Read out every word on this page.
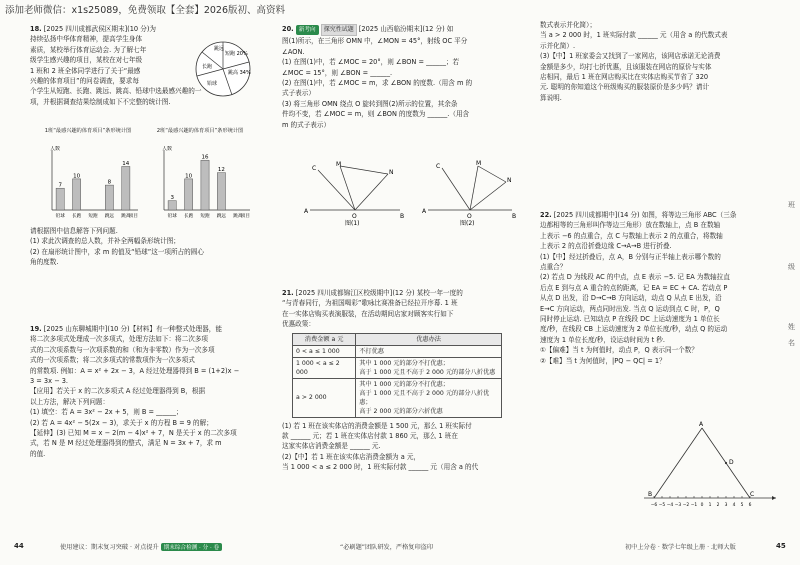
添加老师微信：x1s25089，免费领取【全套】2026版初、高资料

18. [2025 四川成都武侯区期末](10 分)为

持续弘扬中华体育精神，提高学生身体

素质，某校举行体育运动会. 为了解七年

级学生感兴趣的项目，某校在对七年级

1 班和 2 班全体同学进行了关于“最感

兴趣的体育项目”的问卷调查，要求每

个学生从短跑、长跑、跳远、跳高、铅球中选最感兴趣的一

项，并根据调查结果绘制成如下不完整的统计图.

跳远
短跑 20%
跳高 34%
长跑
铅球
1班“最感兴趣的体育项目”条形统计图	2班“最感兴趣的体育项目”条形统计图
人数
7
铅球
10
长跑 短跑
8
跳远
14
跳高
项目
人数
3
铅球
10
长跑
16
短跑
12
跳远 跳高
项目

请根据图中信息解答下列问题.

(1) 求此次调查的总人数，并补全两幅条形统计图；

(2) 在扇形统计图中，求 m 的值及“铅球”这一项所占的圆心

角的度数.

19. [2025 山东聊城期中](10 分)【材料】有一种整式处理器，能

将二次多项式处理成一次多项式，处理方法如下：将二次多项

式的二次项系数与一次项系数的和（和为非零数）作为一次多项

式的一次项系数；将二次多项式的常数项作为一次多项式

的常数项. 例如：A = x² + 2x − 3，A 经过处理器得到 B = (1+2)x −

3 = 3x − 3.

【应用】若关于 x 的二次多项式 A 经过处理器得到 B，根据

以上方法，解决下列问题：

(1) 填空：若 A = 3x² − 2x + 5，则 B = ______；

(2) 若 A = 4x² − 5(2x − 3)，求关于 x 的方程 B = 9 的解；

【延伸】(3) 已知 M = x − 2(m − 4)x² + 7，N 是关于 x 的二次多项

式，若 N 是 M 经过处理器得到的整式，满足 N = 3x + 7，求 m

的值.

20. 新考向 探究性试题 [2025 山西临汾期末](12 分) 如

图(1)所示，在三角形 OMN 中，∠MON = 45°，射线 OC 平分

∠AON.

(1) 在图(1)中，若 ∠MOC = 20°，则 ∠BON = ______；若

∠MOC = 15°，则 ∠BON = ______.

(2) 在图(1)中，若 ∠MOC = m，求 ∠BON 的度数.（用含 m 的

式子表示）

(3) 将三角形 OMN 绕点 O 旋转到图(2)所示的位置，其余条

件均不变，若 ∠MOC = m，则 ∠BON 的度数为 ______.（用含

m 的式子表示）

C
M
N
A
O	B
图(1)
C	M
N
A
O	B
图(2)

21. [2025 四川成都锦江区校级期中](12 分) 某校一年一度的

“与青春同行，为祖国喝彩”歌咏比赛准备已经拉开序幕. 1 班

在一实体店购买表演服装，在活动期间店家对顾客实行如下

优惠政策：

消费金额 a 元	优惠办法
0 < a ≤ 1 000	不打优惠
1 000 < a ≤ 2 000	其中 1 000 元的部分不打优惠；
高于 1 000 元且不高于 2 000 元的部分八折优惠
a > 2 000	其中 1 000 元的部分不打优惠；
高于 1 000 元且不高于 2 000 元的部分八折优惠；
高于 2 000 元的部分六折优惠

(1) 若 1 班在该实体店的消费金额是 1 500 元，那么 1 班实际付

款 ______ 元；若 1 班在实体店付款 1 860 元，那么 1 班在

这家实体店消费金额是 ______ 元.

(2)【中】若 1 班在该实体店消费金额为 a 元，

当 1 000 < a ≤ 2 000 时，1 班实际付款 ______ 元（用含 a 的代

数式表示并化简）；

当 a > 2 000 时，1 班实际付款 ______ 元（用含 a 的代数式表

示并化简）.

(3)【中】1 班家委会又找到了一家网店，该网店承诺无论消费

金额是多少，均打七折优惠，且该服装在网店的原价与实体

店相同，最后 1 班在网店购买比在实体店购买节省了 320

元. 聪明的你知道这个班级购买的服装原价是多少吗？请计

算说明.

22. [2025 四川成都期中](14 分) 如图，将等边三角形 ABC（三条

边都相等的三角形叫作等边三角形）放在数轴上，点 B 在数轴

上表示 −6 的点重合，点 C 与数轴上表示 2 的点重合，将数轴

上表示 2 的点沿折叠边缘 C→A→B 进行折叠.

(1)【中】经过折叠后，点 A，B 分别与正半轴上表示哪个数的

点重合？

(2) 若点 D 为线段 AC 的中点，点 E 表示 −5. 记 EA 为数轴拉直

后点 E 到与点 A 重合的点的距离，记 EA = EC + CA. 若动点 P

从点 D 出发，沿 D→C→B 方向运动，动点 Q 从点 E 出发，沿

E→C 方向运动，两点同时出发. 当点 Q 运动到点 C 时，P，Q

同时停止运动. 已知动点 P 在线段 DC 上运动速度为 1 单位长

度/秒，在线段 CB 上运动速度为 2 单位长度/秒，动点 Q 的运动

速度为 1 单位长度/秒，设运动时间为 t 秒.

①【偏难】当 t 为何值时，动点 P，Q 表示同一个数？

②【难】当 t 为何值时，|PQ − QC| = 1？

A
B	C
D
−6 −5 −4 −3 −2 −1 0 1 2 3 4 5 6
班
级
姓
名
44	使用建议：期末复习突破 · 对点提升 期末综合检测 · 分 · 卷	“必刷题”团队研发，严格复印盗印	初中上分卷 · 数学七年级上册 · 北师大版	45
